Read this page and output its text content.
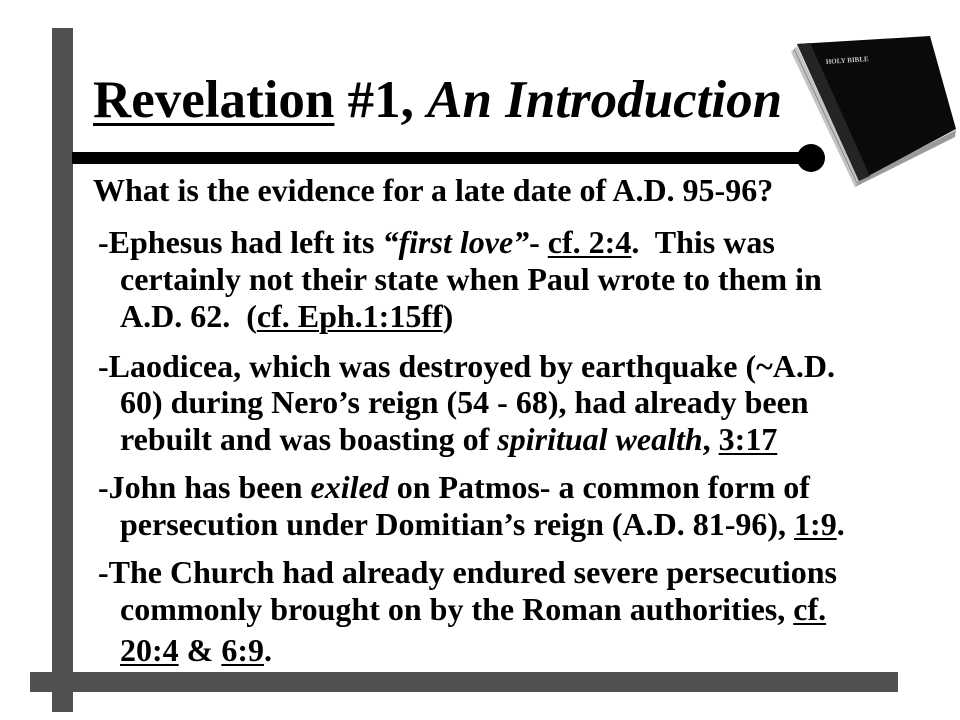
Revelation #1, An Introduction
HOLY BIBLE

What is the evidence for a late date of A.D. 95-96?

-Ephesus had left its “first love”- cf. 2:4.  This was
certainly not their state when Paul wrote to them in
A.D. 62.  (cf. Eph.1:15ff)
-Laodicea, which was destroyed by earthquake (~A.D.
60) during Nero’s reign (54 - 68), had already been
rebuilt and was boasting of spiritual wealth, 3:17
-John has been exiled on Patmos- a common form of
persecution under Domitian’s reign (A.D. 81-96), 1:9.
-The Church had already endured severe persecutions
commonly brought on by the Roman authorities, cf.
20:4 & 6:9.
